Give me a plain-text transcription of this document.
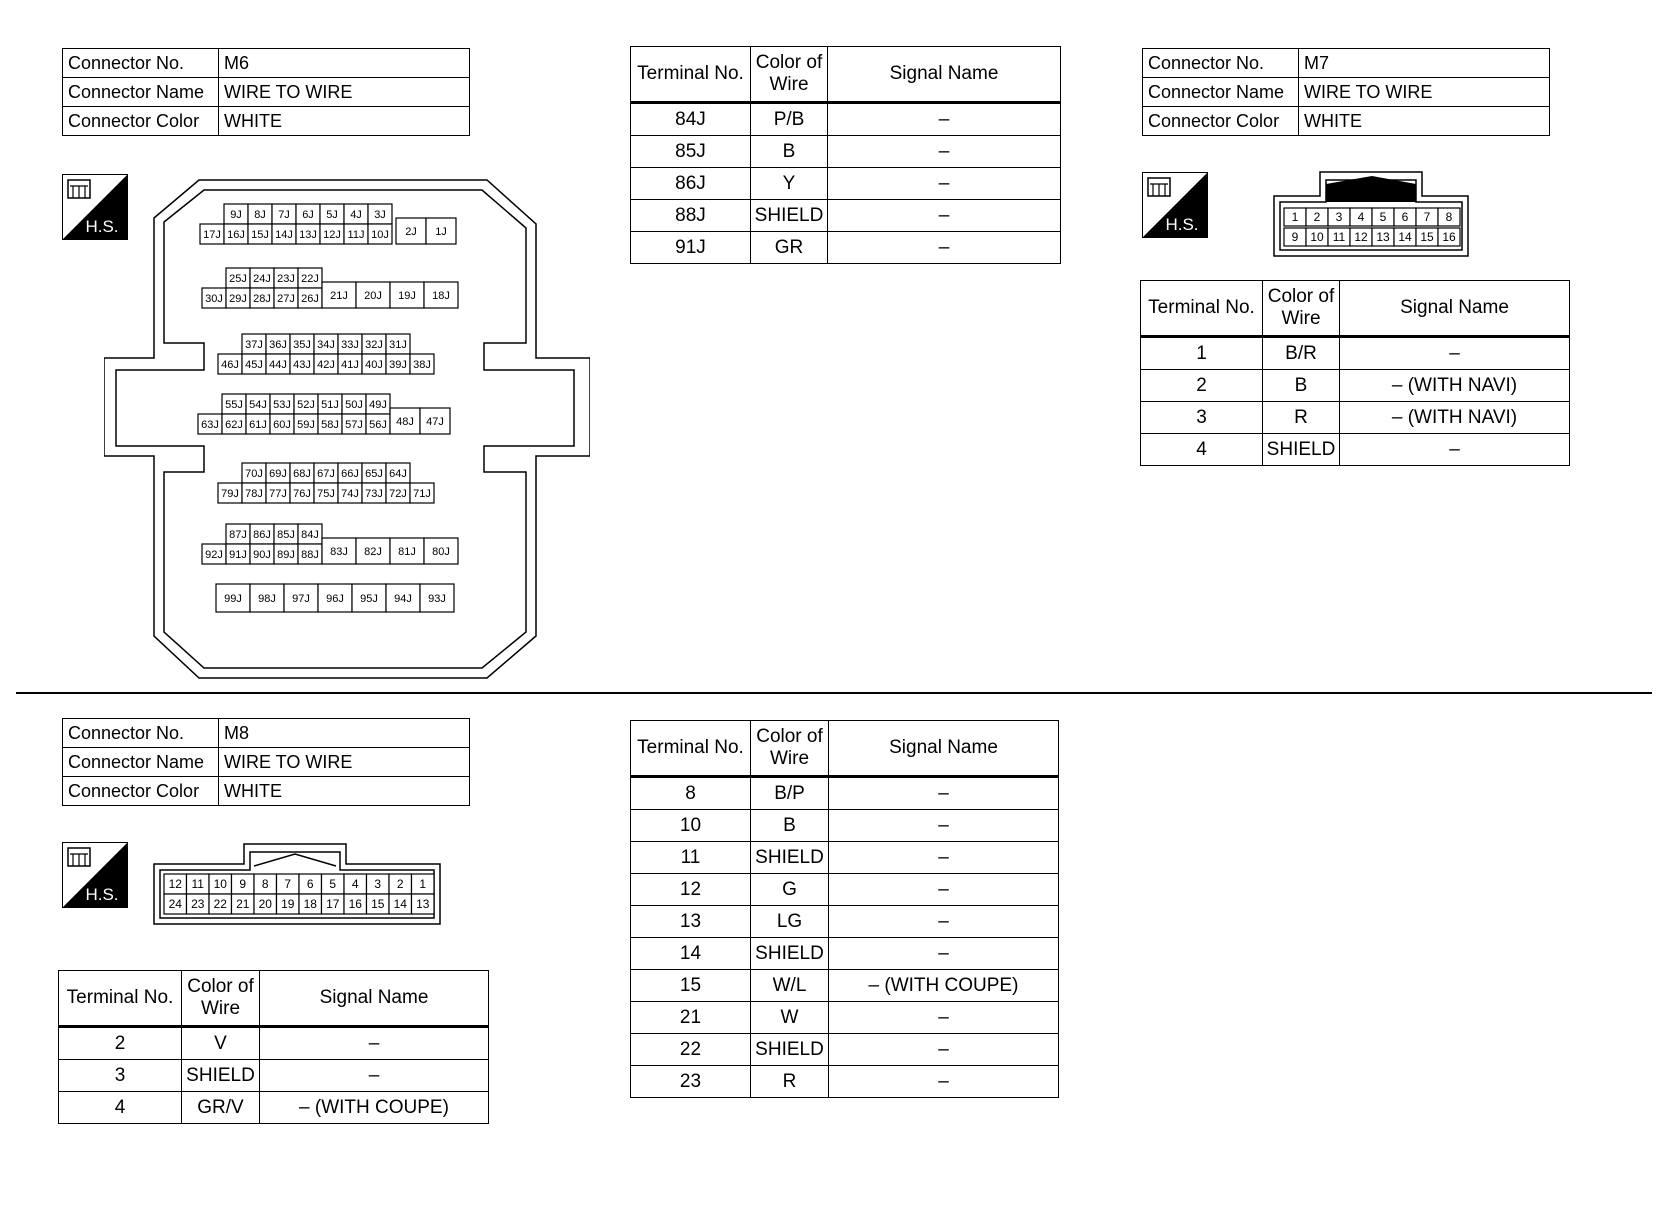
Connector No.	M6
Connector Name	WIRE TO WIRE
Connector Color	WHITE
H.S.
9J 8J 7J 6J 5J 4J 3J
17J 16J 15J 14J 13J 12J 11J 10J 2J 1J
25J 24J 23J 22J
30J 29J 28J 27J 26J 21J 20J 19J 18J
37J 36J 35J 34J 33J 32J 31J
46J 45J 44J 43J 42J 41J 40J 39J 38J
55J 54J 53J 52J 51J 50J 49J
63J 62J 61J 60J 59J 58J 57J 56J 48J 47J
70J 69J 68J 67J 66J 65J 64J
79J 78J 77J 76J 75J 74J 73J 72J 71J
87J 86J 85J 84J
92J 91J 90J 89J 88J 83J 82J 81J 80J
99J 98J 97J 96J 95J 94J 93J
Terminal No.	Color of Wire	Signal Name
84J	P/B	–
85J	B	–
86J	Y	–
88J	SHIELD	–
91J	GR	–
Connector No.	M7
Connector Name	WIRE TO WIRE
Connector Color	WHITE
H.S.	1 2 3 4 5 6 7 8
9 10 11 12 13 14 15 16
Terminal No.	Color of Wire	Signal Name
1	B/R	–
2	B	– (WITH NAVI)
3	R	– (WITH NAVI)
4	SHIELD	–
Connector No.	M8
Connector Name	WIRE TO WIRE
Connector Color	WHITE
H.S.
12 11 10 9 8 7 6 5 4 3 2 1
24 23 22 21 20 19 18 17 16 15 14 13
Terminal No.	Color of Wire	Signal Name
2	V	–
3	SHIELD	–
4	GR/V	– (WITH COUPE)
Terminal No.	Color of Wire	Signal Name
8	B/P	–
10	B	–
11	SHIELD	–
12	G	–
13	LG	–
14	SHIELD	–
15	W/L	– (WITH COUPE)
21	W	–
22	SHIELD	–
23	R	–
